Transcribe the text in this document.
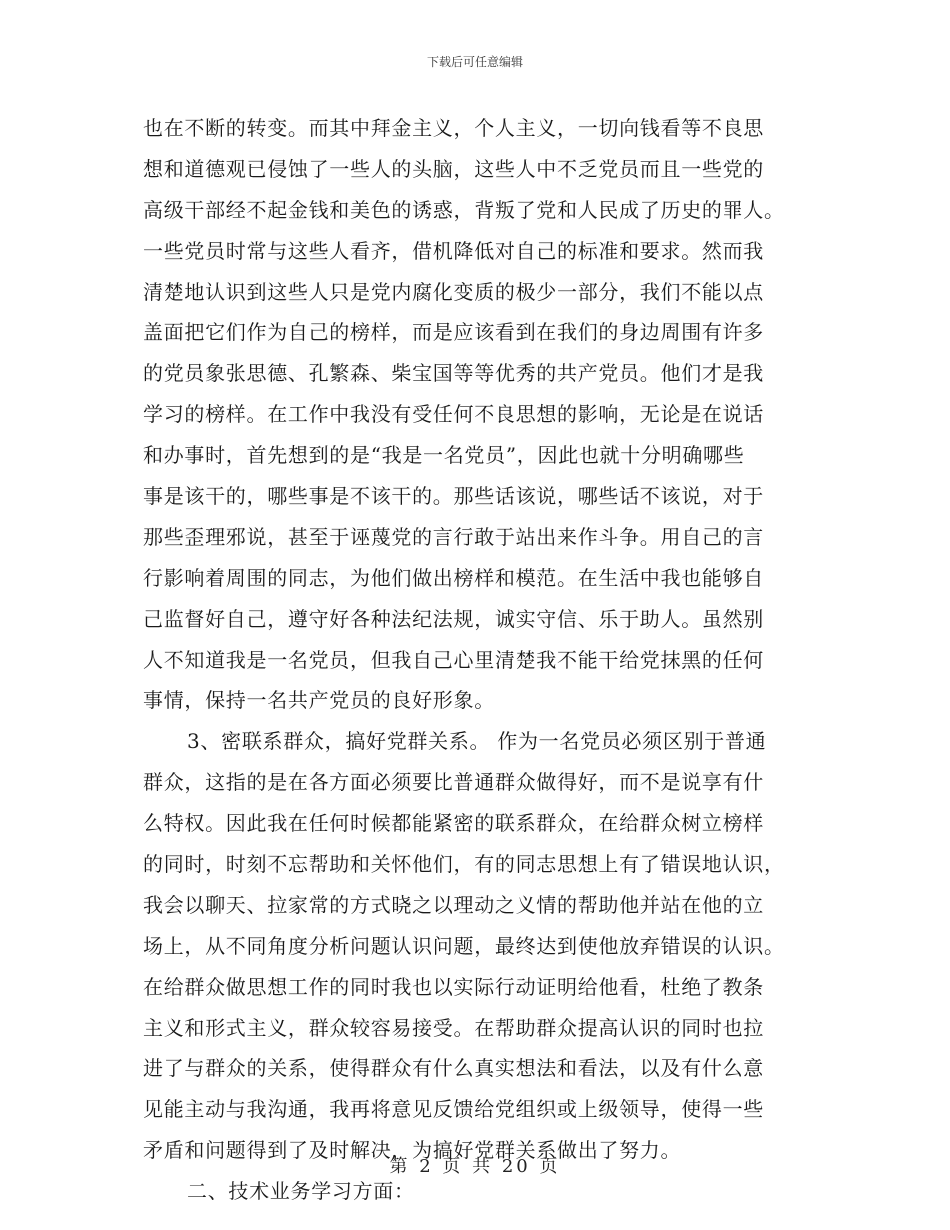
下载后可任意编辑
也在不断的转变。而其中拜金主义，个人主义，一切向钱看等不良思
想和道德观已侵蚀了一些人的头脑，这些人中不乏党员而且一些党的
高级干部经不起金钱和美色的诱惑，背叛了党和人民成了历史的罪人。
一些党员时常与这些人看齐，借机降低对自己的标准和要求。然而我
清楚地认识到这些人只是党内腐化变质的极少一部分，我们不能以点
盖面把它们作为自己的榜样，而是应该看到在我们的身边周围有许多
的党员象张思德、孔繁森、柴宝国等等优秀的共产党员。他们才是我
学习的榜样。在工作中我没有受任何不良思想的影响，无论是在说话
和办事时，首先想到的是“我是一名党员”，因此也就十分明确哪些
事是该干的，哪些事是不该干的。那些话该说，哪些话不该说，对于
那些歪理邪说，甚至于诬蔑党的言行敢于站出来作斗争。用自己的言
行影响着周围的同志，为他们做出榜样和模范。在生活中我也能够自
己监督好自己，遵守好各种法纪法规，诚实守信、乐于助人。虽然别
人不知道我是一名党员，但我自己心里清楚我不能干给党抹黑的任何
事情，保持一名共产党员的良好形象。
3、密联系群众，搞好党群关系。 作为一名党员必须区别于普通
群众，这指的是在各方面必须要比普通群众做得好，而不是说享有什
么特权。因此我在任何时候都能紧密的联系群众，在给群众树立榜样
的同时，时刻不忘帮助和关怀他们，有的同志思想上有了错误地认识，
我会以聊天、拉家常的方式晓之以理动之义情的帮助他并站在他的立
场上，从不同角度分析问题认识问题，最终达到使他放弃错误的认识。
在给群众做思想工作的同时我也以实际行动证明给他看，杜绝了教条
主义和形式主义，群众较容易接受。在帮助群众提高认识的同时也拉
进了与群众的关系，使得群众有什么真实想法和看法，以及有什么意
见能主动与我沟通，我再将意见反馈给党组织或上级领导，使得一些
矛盾和问题得到了及时解决，为搞好党群关系做出了努力。
二、技术业务学习方面：
第 2 页 共 20 页
